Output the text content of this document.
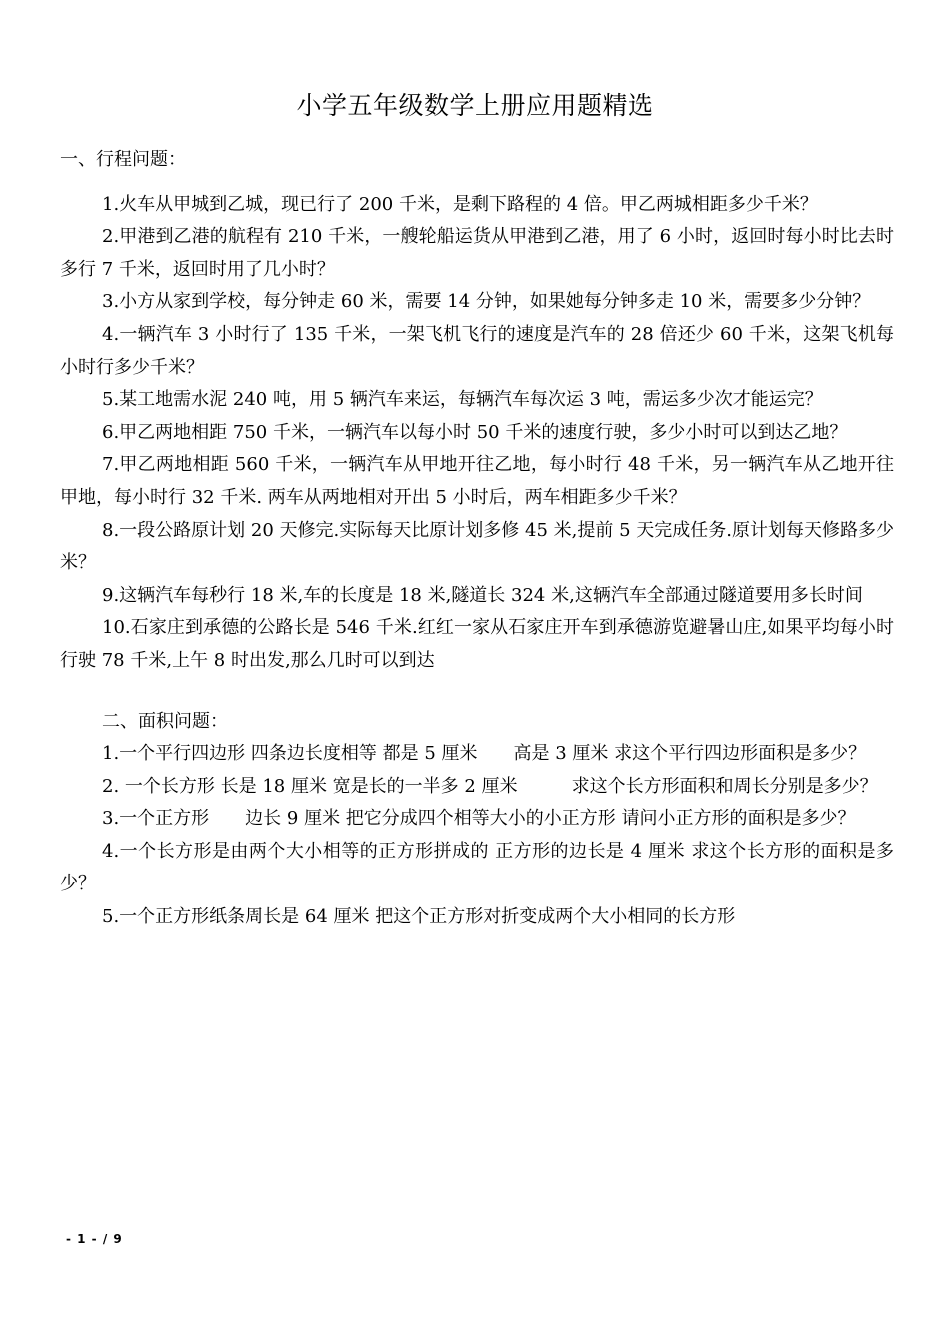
小学五年级数学上册应用题精选

一、行程问题：

1.火车从甲城到乙城，现已行了 200 千米，是剩下路程的 4 倍。甲乙两城相距多少千米？

2.甲港到乙港的航程有 210 千米，一艘轮船运货从甲港到乙港，用了 6 小时，返回时每小时比去时多行 7 千米，返回时用了几小时？

3.小方从家到学校，每分钟走 60 米，需要 14 分钟，如果她每分钟多走 10 米，需要多少分钟？

4.一辆汽车 3 小时行了 135 千米，一架飞机飞行的速度是汽车的 28 倍还少 60 千米，这架飞机每小时行多少千米？

5.某工地需水泥 240 吨，用 5 辆汽车来运，每辆汽车每次运 3 吨，需运多少次才能运完？

6.甲乙两地相距 750 千米，一辆汽车以每小时 50 千米的速度行驶，多少小时可以到达乙地？

7.甲乙两地相距 560 千米，一辆汽车从甲地开往乙地，每小时行 48 千米，另一辆汽车从乙地开往甲地，每小时行 32 千米. 两车从两地相对开出 5 小时后，两车相距多少千米？

8.一段公路原计划 20 天修完.实际每天比原计划多修 45 米,提前 5 天完成任务.原计划每天修路多少米？

9.这辆汽车每秒行 18 米,车的长度是 18 米,隧道长 324 米,这辆汽车全部通过隧道要用多长时间

10.石家庄到承德的公路长是 546 千米.红红一家从石家庄开车到承德游览避暑山庄,如果平均每小时行驶 78 千米,上午 8 时出发,那么几时可以到达

二、面积问题：

1.一个平行四边形 四条边长度相等 都是 5 厘米　　高是 3 厘米 求这个平行四边形面积是多少？

2. 一个长方形 长是 18 厘米 宽是长的一半多 2 厘米　　　求这个长方形面积和周长分别是多少？

3.一个正方形　　边长 9 厘米 把它分成四个相等大小的小正方形 请问小正方形的面积是多少？

4.一个长方形是由两个大小相等的正方形拼成的 正方形的边长是 4 厘米 求这个长方形的面积是多少？

5.一个正方形纸条周长是 64 厘米 把这个正方形对折变成两个大小相同的长方形

- 1 - / 9
